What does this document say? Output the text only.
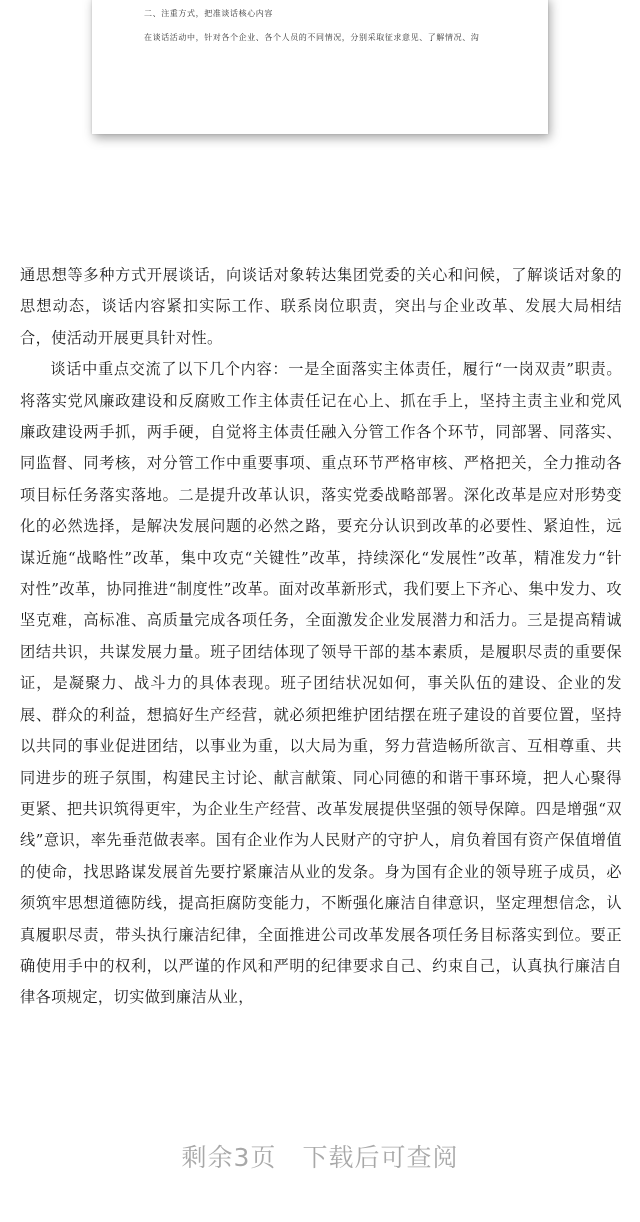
二、注重方式，把准谈话核心内容
在谈话活动中，针对各个企业、各个人员的不同情况，分别采取征求意见、了解情况、沟

通思想等多种方式开展谈话，向谈话对象转达集团党委的关心和问候，了解谈话对象的思想动态，谈话内容紧扣实际工作、联系岗位职责，突出与企业改革、发展大局相结合，使活动开展更具针对性。

谈话中重点交流了以下几个内容：一是全面落实主体责任，履行“一岗双责”职责。将落实党风廉政建设和反腐败工作主体责任记在心上、抓在手上，坚持主责主业和党风廉政建设两手抓，两手硬，自觉将主体责任融入分管工作各个环节，同部署、同落实、同监督、同考核，对分管工作中重要事项、重点环节严格审核、严格把关，全力推动各项目标任务落实落地。二是提升改革认识，落实党委战略部署。深化改革是应对形势变化的必然选择，是解决发展问题的必然之路，要充分认识到改革的必要性、紧迫性，远谋近施“战略性”改革，集中攻克“关键性”改革，持续深化“发展性”改革，精准发力“针对性”改革，协同推进“制度性”改革。面对改革新形式，我们要上下齐心、集中发力、攻坚克难，高标准、高质量完成各项任务，全面激发企业发展潜力和活力。三是提高精诚团结共识，共谋发展力量。班子团结体现了领导干部的基本素质，是履职尽责的重要保证，是凝聚力、战斗力的具体表现。班子团结状况如何，事关队伍的建设、企业的发展、群众的利益，想搞好生产经营，就必须把维护团结摆在班子建设的首要位置，坚持以共同的事业促进团结，以事业为重，以大局为重，努力营造畅所欲言、互相尊重、共同进步的班子氛围，构建民主讨论、献言献策、同心同德的和谐干事环境，把人心聚得更紧、把共识筑得更牢，为企业生产经营、改革发展提供坚强的领导保障。四是增强“双线”意识，率先垂范做表率。国有企业作为人民财产的守护人，肩负着国有资产保值增值的使命，找思路谋发展首先要拧紧廉洁从业的发条。身为国有企业的领导班子成员，必须筑牢思想道德防线，提高拒腐防变能力，不断强化廉洁自律意识，坚定理想信念，认真履职尽责，带头执行廉洁纪律，全面推进公司改革发展各项任务目标落实到位。要正确使用手中的权利，以严谨的作风和严明的纪律要求自己、约束自己，认真执行廉洁自律各项规定，切实做到廉洁从业，

剩余3页 下载后可查阅
